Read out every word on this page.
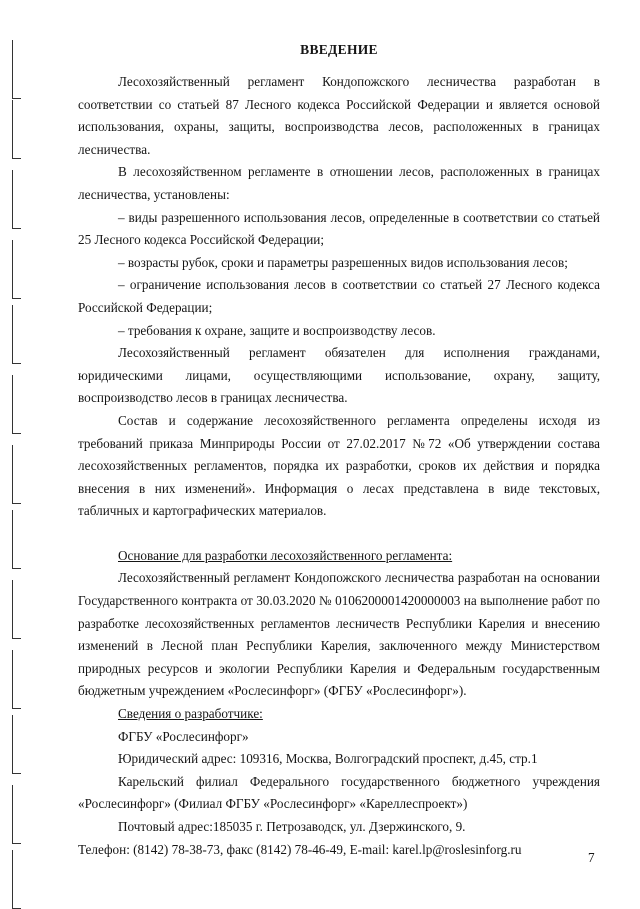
ВВЕДЕНИЕ

Лесохозяйственный регламент Кондопожского лесничества разработан в соответствии со статьей 87 Лесного кодекса Российской Федерации и является основой использования, охраны, защиты, воспроизводства лесов, расположенных в границах лесничества.

В лесохозяйственном регламенте в отношении лесов, расположенных в границах лесничества, установлены:

– виды разрешенного использования лесов, определенные в соответствии со статьей 25 Лесного кодекса Российской Федерации;

– возрасты рубок, сроки и параметры разрешенных видов использования лесов;

– ограничение использования лесов в соответствии со статьей 27 Лесного кодекса Российской Федерации;

– требования к охране, защите и воспроизводству лесов.

Лесохозяйственный регламент обязателен для исполнения гражданами, юридическими лицами, осуществляющими использование, охрану, защиту, воспроизводство лесов в границах лесничества.

Состав и содержание лесохозяйственного регламента определены исходя из требований приказа Минприроды России от 27.02.2017 №72 «Об утверждении состава лесохозяйственных регламентов, порядка их разработки, сроков их действия и порядка внесения в них изменений». Информация о лесах представлена в виде текстовых, табличных и картографических материалов.

Основание для разработки лесохозяйственного регламента:

Лесохозяйственный регламент Кондопожского лесничества разработан на основании Государственного контракта от 30.03.2020 № 0106200001420000003 на выполнение работ по разработке лесохозяйственных регламентов лесничеств Республики Карелия и внесению изменений в Лесной план Республики Карелия, заключенного между Министерством природных ресурсов и экологии Республики Карелия и Федеральным государственным бюджетным учреждением «Рослесинфорг» (ФГБУ «Рослесинфорг»).

Сведения о разработчике:

ФГБУ «Рослесинфорг»

Юридический адрес: 109316, Москва, Волгоградский проспект, д.45, стр.1

Карельский филиал Федерального государственного бюджетного учреждения «Рослесинфорг» (Филиал ФГБУ «Рослесинфорг» «Кареллеспроект»)

Почтовый адрес:185035 г. Петрозаводск, ул. Дзержинского, 9.

Телефон: (8142) 78-38-73, факс (8142) 78-46-49, E-mail: karel.lp@roslesinforg.ru

7
